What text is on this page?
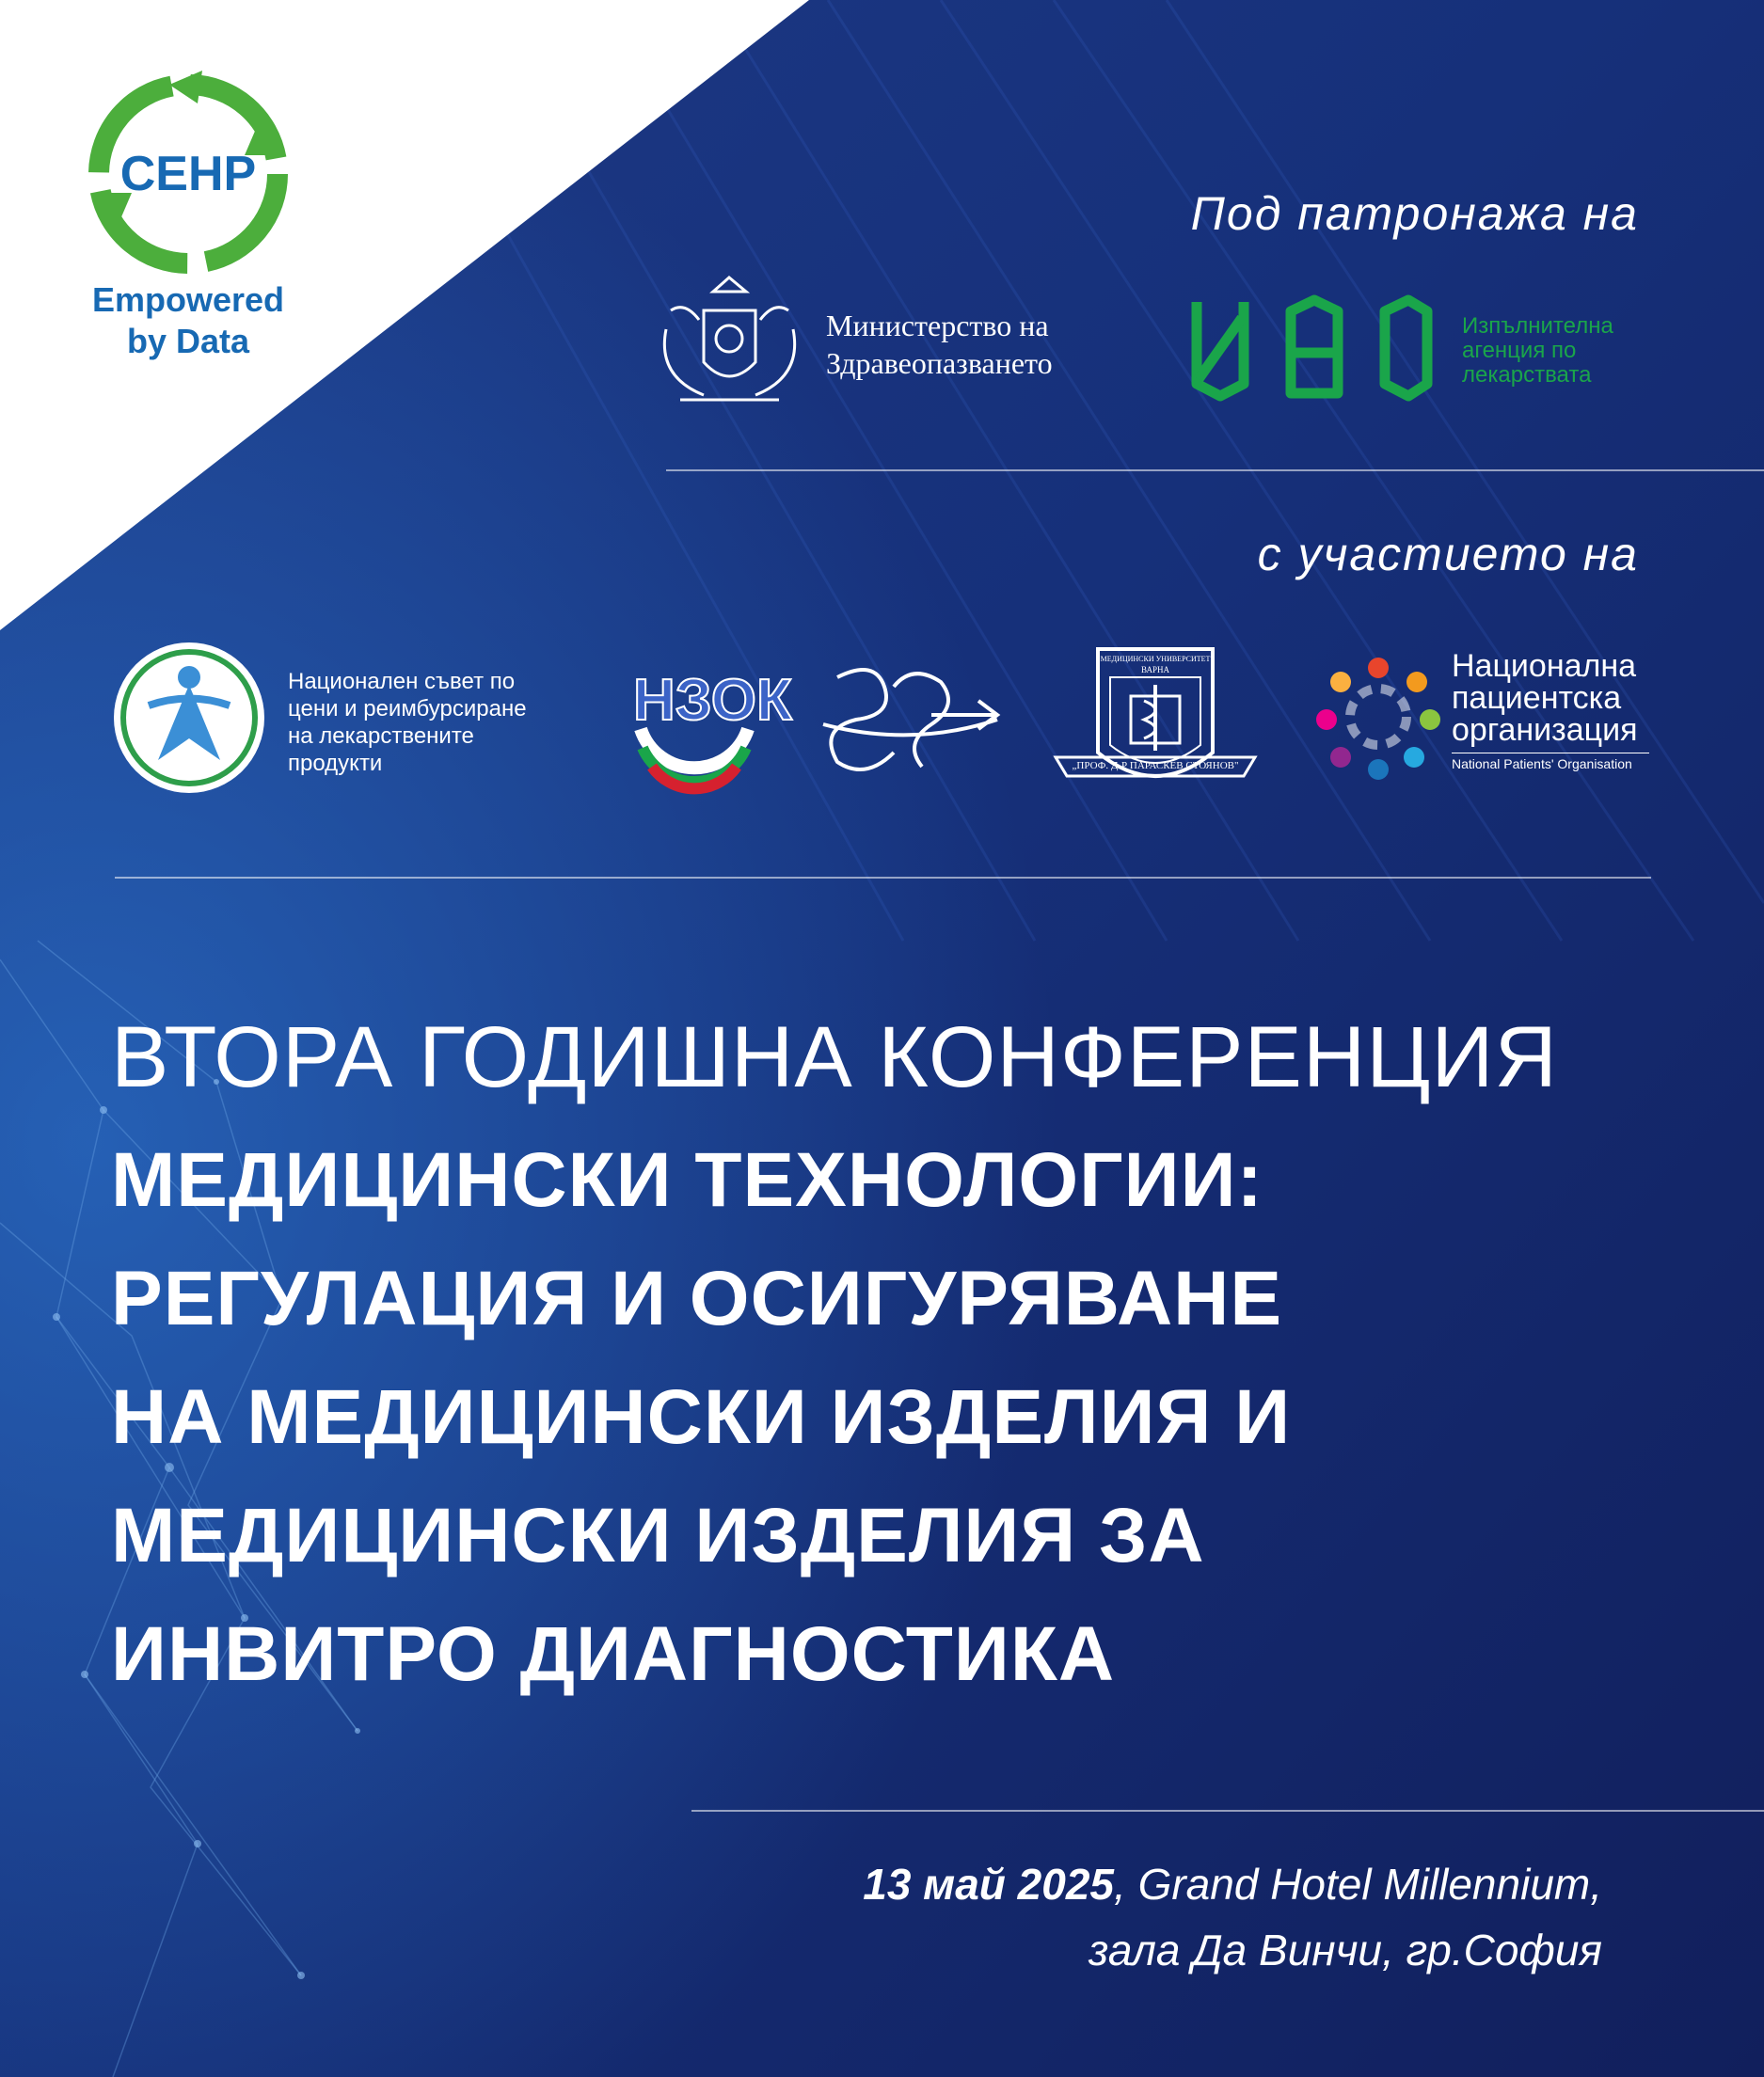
CEHP
Empowered
by Data
Под патронажа на
Министерство на
Здравеопазването
Изпълнителна
агенция по
лекарствата
с участието на
Национален съвет по
цени и реимбурсиране
на лекарствените
продукти
НЗОК
МЕДИЦИНСКИ УНИВЕРСИТЕТ
ВАРНА
„ПРОФ. Д-Р ПАРАСКЕВ СТОЯНОВ"
Национална
пациентска
организация
National Patients' Organisation
ВТОРА ГОДИШНА КОНФЕРЕНЦИЯ
МЕДИЦИНСКИ ТЕХНОЛОГИИ:
РЕГУЛАЦИЯ И ОСИГУРЯВАНЕ
НА МЕДИЦИНСКИ ИЗДЕЛИЯ И
МЕДИЦИНСКИ ИЗДЕЛИЯ ЗА
ИНВИТРО ДИАГНОСТИКА
13 май 2025, Grand Hotel Millennium,
зала Да Винчи, гр.София
